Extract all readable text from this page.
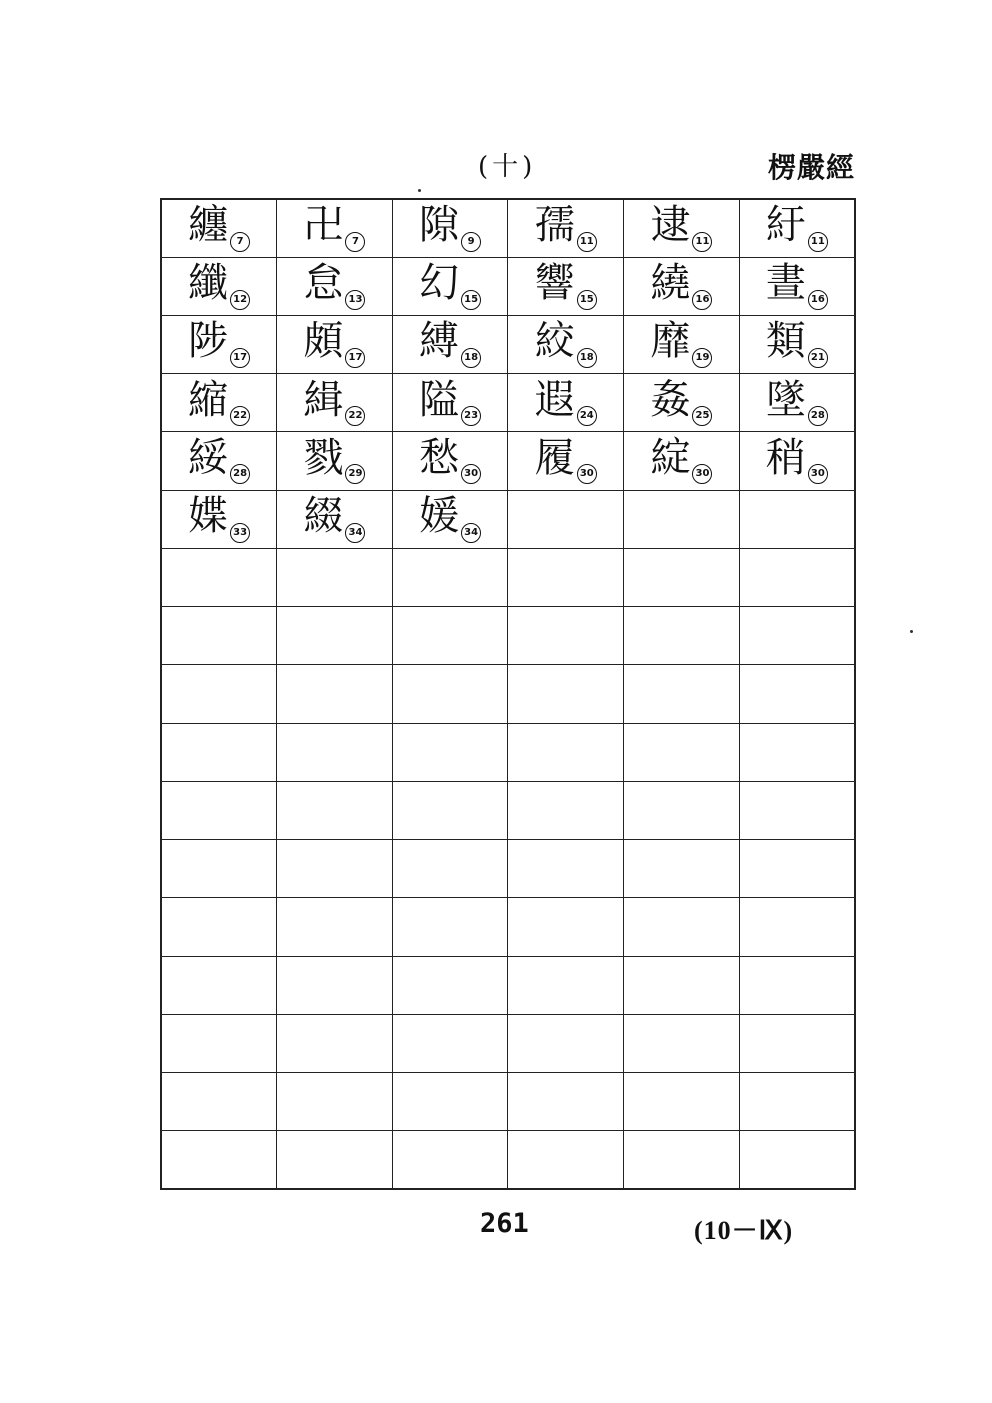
(十)	楞嚴經
纏 7	卍 7	隙 9	孺 11	逮 11	紆 11
纖 12	怠 13	幻 15	響 15	繞 16	晝 16
陟 17	頗 17	縛 18	絞 18	靡 19	類 21
縮 22	緝 22	隘 23	遐 24	姦 25	墜 28
綏 28	戮 29	愁 30	履 30	綻 30	稍 30
媟 33	綴 34	媛 34			

261	(10－Ⅸ)
